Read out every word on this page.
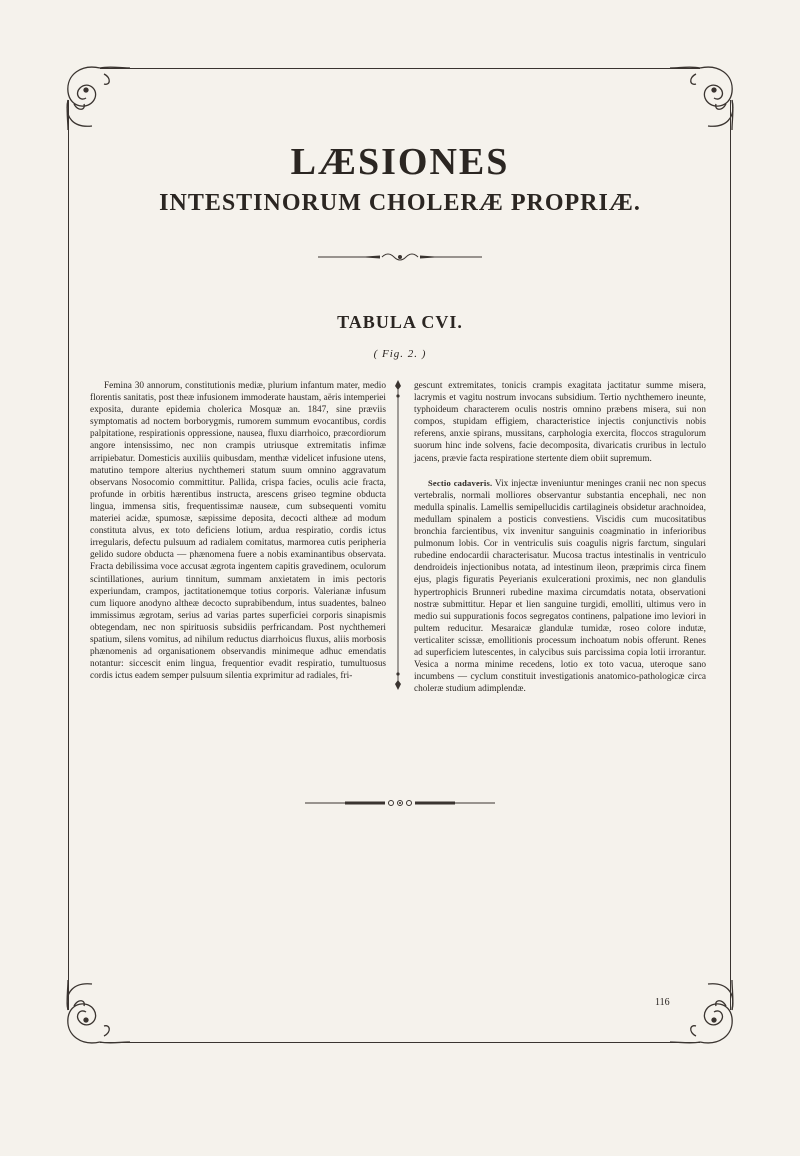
LÆSIONES
INTESTINORUM CHOLERÆ PROPRIÆ.
TABULA CVI.
( Fig. 2. )

Femina 30 annorum, constitutionis mediæ, plurium infantum mater, medio florentis sanitatis, post theæ infusionem immoderate haustam, aëris intemperiei exposita, durante epidemia cholerica Mosquæ an. 1847, sine præviis symptomatis ad noctem borborygmis, rumorem summum evocantibus, cordis palpitatione, respirationis oppressione, nausea, fluxu diarrhoico, præcordiorum angore intensissimo, nec non crampis utriusque extremitatis infimæ arripiebatur. Domesticis auxiliis quibusdam, menthæ videlicet infusione utens, matutino tempore alterius nychthemeri statum suum omnino aggravatum observans Nosocomio committitur. Pallida, crispa facies, oculis acie fracta, profunde in orbitis hærentibus instructa, arescens griseo tegmine obducta lingua, immensa sitis, frequentissimæ nauseæ, cum subsequenti vomitu materiei acidæ, spumosæ, sæpissime deposita, decocti altheæ ad modum constituta alvus, ex toto deficiens lotium, ardua respiratio, cordis ictus irregularis, defectu pulsuum ad radialem comitatus, marmorea cutis peripheria gelido sudore obducta — phænomena fuere a nobis examinantibus observata. Fracta debilissima voce accusat ægrota ingentem capitis gravedinem, oculorum scintillationes, aurium tinnitum, summam anxietatem in imis pectoris experiundam, crampos, jactitationemque totius corporis. Valerianæ infusum cum liquore anodyno altheæ decocto suprabibendum, intus suadentes, balneo immissimus ægrotam, serius ad varias partes superficiei corporis sinapismis obtegendam, nec non spirituosis subsidiis perfricandam. Post nychthemeri spatium, silens vomitus, ad nihilum reductus diarrhoicus fluxus, aliis morbosis phænomenis ad organisationem observandis minimeque adhuc emendatis notantur: siccescit enim lingua, frequentior evadit respiratio, tumultuosus cordis ictus eadem semper pulsuum silentia exprimitur ad radiales, fri-

gescunt extremitates, tonicis crampis exagitata jactitatur summe misera, lacrymis et vagitu nostrum invocans subsidium. Tertio nychthemero ineunte, typhoideum characterem oculis nostris omnino præbens misera, sui non compos, stupidam effigiem, characteristice injectis conjunctivis nobis referens, anxie spirans, mussitans, carphologia exercita, floccos stragulorum suorum hinc inde solvens, facie decomposita, divaricatis cruribus in lectulo jacens, prævie facta respiratione stertente diem obiit supremum.

Sectio cadaveris. Vix injectæ inveniuntur meninges cranii nec non specus vertebralis, normali molliores observantur substantia encephali, nec non medulla spinalis. Lamellis semipellucidis cartilagineis obsidetur arachnoidea, medullam spinalem a posticis convestiens. Viscidis cum mucositatibus bronchia farcientibus, vix invenitur sanguinis coagminatio in inferioribus pulmonum lobis. Cor in ventriculis suis coagulis nigris farctum, singulari rubedine endocardii characterisatur. Mucosa tractus intestinalis in ventriculo dendroideis injectionibus notata, ad intestinum ileon, præprimis circa finem ejus, plagis figuratis Peyerianis exulcerationi proximis, nec non glandulis hypertrophicis Brunneri rubedine maxima circumdatis notata, observationi nostræ submittitur. Hepar et lien sanguine turgidi, emolliti, ultimus vero in medio sui suppurationis focos segregatos continens, palpatione imo leviori in pultem reducitur. Mesaraicæ glandulæ tumidæ, roseo colore indutæ, verticaliter scissæ, emollitionis processum inchoatum nobis offerunt. Renes ad superficiem lutescentes, in calycibus suis parcissima copia lotii irrorantur. Vesica a norma minime recedens, lotio ex toto vacua, uteroque sano incumbens — cyclum constituit investigationis anatomico-pathologicæ circa choleræ studium adimplendæ.

116
